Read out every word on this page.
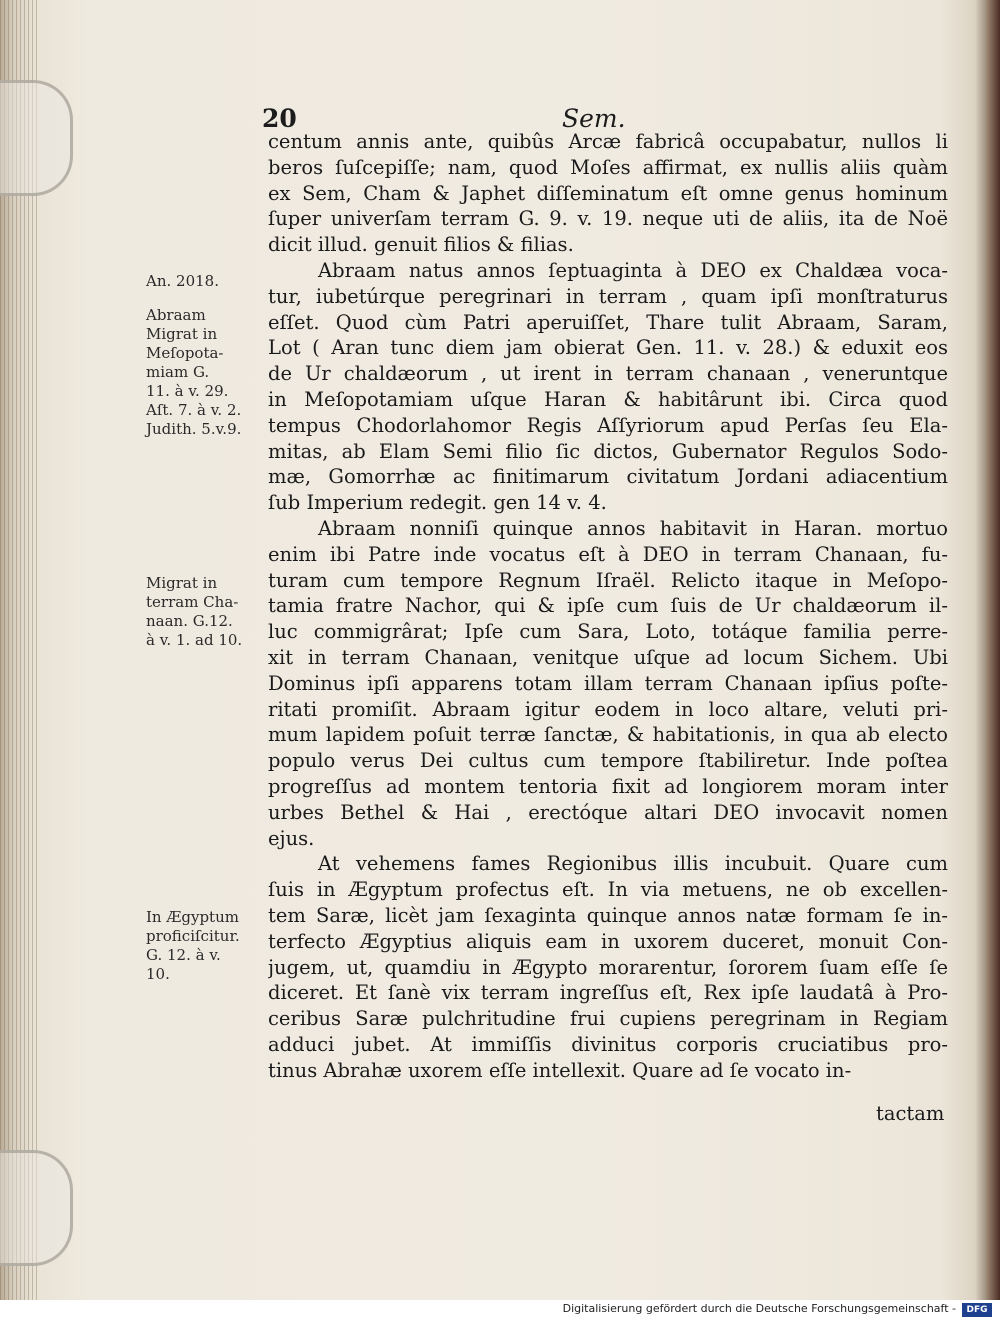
20	Sem.
An. 2018.
Abraam
Migrat in
Meſopota-
miam G.
11. à v. 29.
Aſt. 7. à v. 2.
Judith. 5.v.9.
Migrat in
terram Cha-
naan. G.12.
à v. 1. ad 10.
In Ægyptum
proficiſcitur.
G. 12. à v.
10.
centum annis ante, quibûs Arcæ fabricâ occupabatur, nullos li
beros ſuſcepiſſe; nam, quod Moſes affirmat, ex nullis aliis quàm
ex Sem, Cham & Japhet diſſeminatum eſt omne genus hominum
ſuper univerſam terram G. 9. v. 19. neque uti de aliis, ita de Noë
dicit illud. genuit filios & filias.
Abraam natus annos ſeptuaginta à DEO ex Chaldæa voca-
tur, iubetúrque peregrinari in terram , quam ipſi monſtraturus
eſſet. Quod cùm Patri aperuiſſet, Thare tulit Abraam, Saram,
Lot ( Aran tunc diem jam obierat Gen. 11. v. 28.) & eduxit eos
de Ur chaldæorum , ut irent in terram chanaan , veneruntque
in Meſopotamiam uſque Haran & habitârunt ibi. Circa quod
tempus Chodorlahomor Regis Aſſyriorum apud Perſas ſeu Ela-
mitas, ab Elam Semi filio ſic dictos, Gubernator Regulos Sodo-
mæ, Gomorrhæ ac finitimarum civitatum Jordani adiacentium
ſub Imperium redegit. gen 14 v. 4.
Abraam nonniſi quinque annos habitavit in Haran. mortuo
enim ibi Patre inde vocatus eſt à DEO in terram Chanaan, fu-
turam cum tempore Regnum Iſraël. Relicto itaque in Meſopo-
tamia fratre Nachor, qui & ipſe cum ſuis de Ur chaldæorum il-
luc commigrârat; Ipſe cum Sara, Loto, totáque familia perre-
xit in terram Chanaan, venitque uſque ad locum Sichem. Ubi
Dominus ipſi apparens totam illam terram Chanaan ipſius poſte-
ritati promiſit. Abraam igitur eodem in loco altare, veluti pri-
mum lapidem poſuit terræ ſanctæ, & habitationis, in qua ab electo
populo verus Dei cultus cum tempore ſtabiliretur. Inde poſtea
progreſſus ad montem tentoria fixit ad longiorem moram inter
urbes Bethel & Hai , erectóque altari DEO invocavit nomen
ejus.
At vehemens fames Regionibus illis incubuit. Quare cum
ſuis in Ægyptum profectus eſt. In via metuens, ne ob excellen-
tem Saræ, licèt jam ſexaginta quinque annos natæ formam ſe in-
terfecto Ægyptius aliquis eam in uxorem duceret, monuit Con-
jugem, ut, quamdiu in Ægypto morarentur, ſororem ſuam eſſe ſe
diceret. Et ſanè vix terram ingreſſus eſt, Rex ipſe laudatâ à Pro-
ceribus Saræ pulchritudine frui cupiens peregrinam in Regiam
adduci jubet. At immiſſis divinitus corporis cruciatibus pro-
tinus Abrahæ uxorem eſſe intellexit. Quare ad ſe vocato in-
tactam
Digitalisierung gefördert durch die Deutsche Forschungsgemeinschaft -	DFG
